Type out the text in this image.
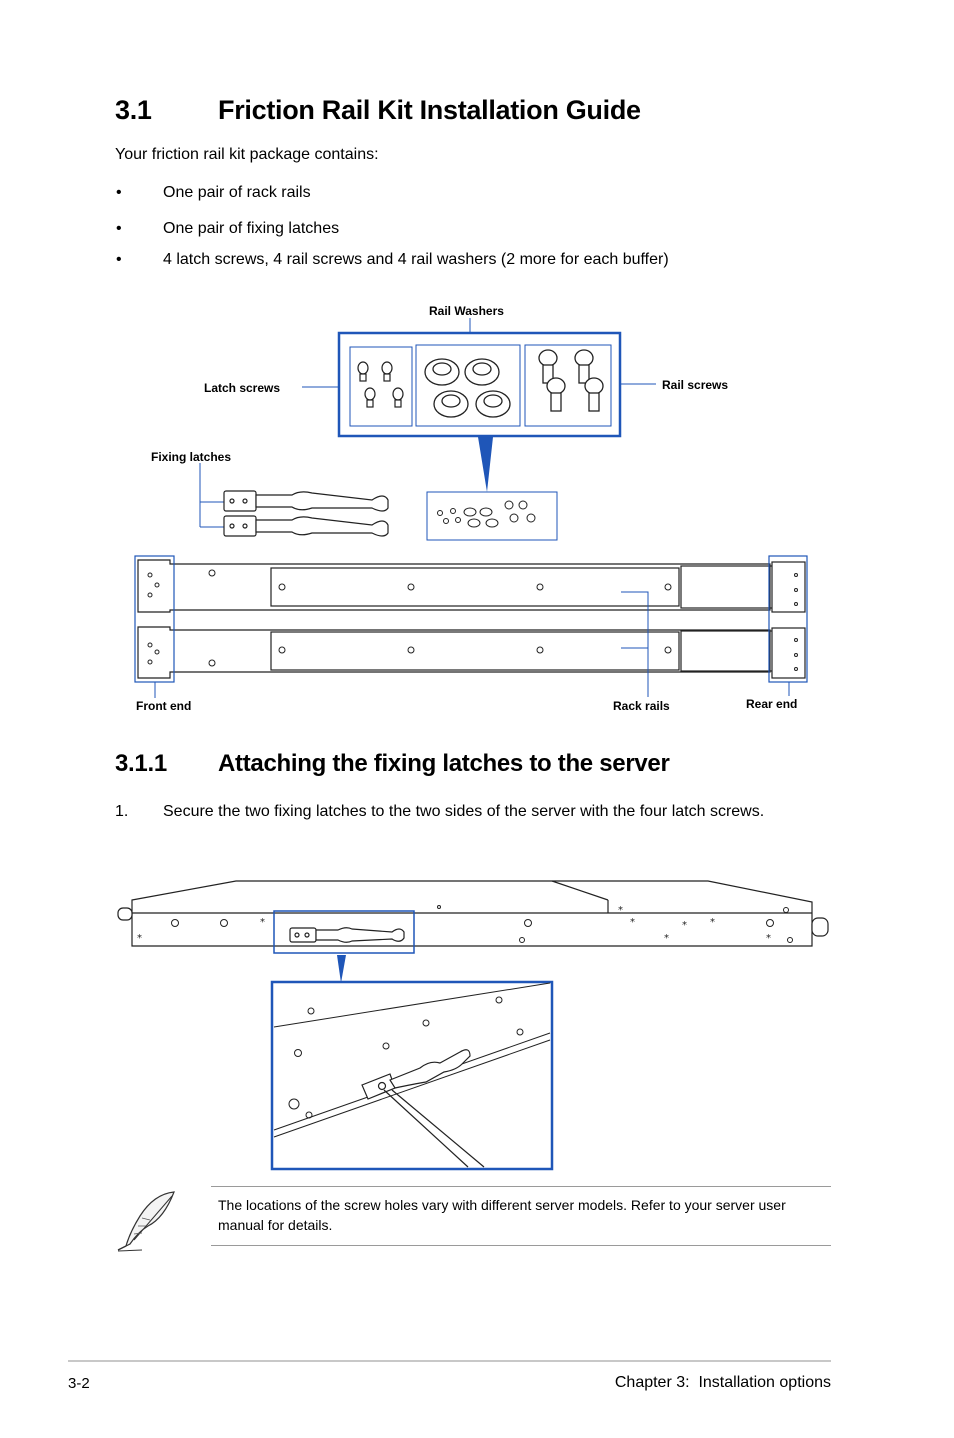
3.1 Friction Rail Kit Installation Guide
Your friction rail kit package contains:
•	One pair of rack rails
•	One pair of fixing latches
•	4 latch screws, 4 rail screws and 4 rail washers (2 more for each buffer)
Rail Washers
Latch screws	Rail screws
Fixing latches
Front end	Rack rails	Rear end
3.1.1 Attaching the fixing latches to the server
1. Secure the two fixing latches to the two sides of the server with the four latch screws.
*
*
*
*	* *
*	*
The locations of the screw holes vary with different server models. Refer to your server user manual for details.
3-2	Chapter 3:  Installation options
